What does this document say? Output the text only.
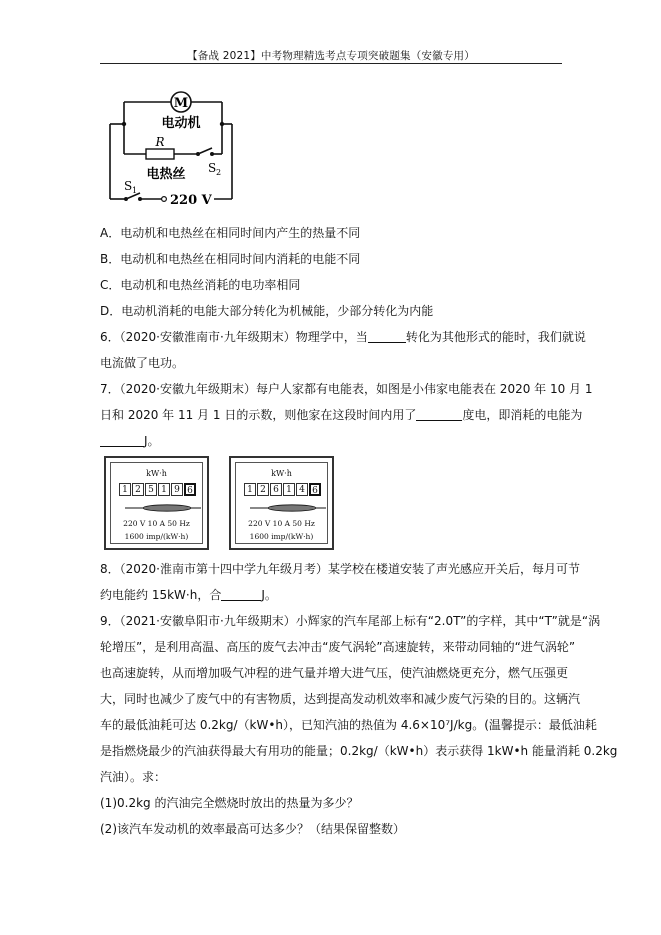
【备战 2021】中考物理精选考点专项突破题集（安徽专用）
M
电动机
R
电热丝 S 2
S 1
220 V
A．电动机和电热丝在相同时间内产生的热量不同
B．电动机和电热丝在相同时间内消耗的电能不同
C．电动机和电热丝消耗的电功率相同
D．电动机消耗的电能大部分转化为机械能，少部分转化为内能
6．（2020·安徽淮南市·九年级期末）物理学中，当	转化为其他形式的能时，我们就说
电流做了电功。
7．（2020·安徽九年级期末）每户人家都有电能表，如图是小伟家电能表在 2020 年 10 月 1
日和 2020 年 11 月 1 日的示数，则他家在这段时间内用了	度电，即消耗的电能为
J。
kW·h
1 2 5 1 9 6
220 V 10 A 50 Hz
1600 imp/(kW·h)
kW·h
1 2 6 1 4 6
220 V 10 A 50 Hz
1600 imp/(kW·h)
8．（2020·淮南市第十四中学九年级月考）某学校在楼道安装了声光感应开关后，每月可节
约电能约 15kW·h，合	J。
9．（2021·安徽阜阳市·九年级期末）小辉家的汽车尾部上标有“2.0T”的字样，其中“T”就是“涡
轮增压”，是利用高温、高压的废气去冲击“废气涡轮”高速旋转，来带动同轴的“进气涡轮”
也高速旋转，从而增加吸气冲程的进气量并增大进气压，使汽油燃烧更充分，燃气压强更
大，同时也减少了废气中的有害物质，达到提高发动机效率和减少废气污染的目的。这辆汽
车的最低油耗可达 0.2kg/（kW•h），已知汽油的热值为 4.6×10⁷J/kg。(温馨提示：最低油耗
是指燃烧最少的汽油获得最大有用功的能量；0.2kg/（kW•h）表示获得 1kW•h 能量消耗 0.2kg
汽油）。求：
(1)0.2kg 的汽油完全燃烧时放出的热量为多少？
(2)该汽车发动机的效率最高可达多少？（结果保留整数）
